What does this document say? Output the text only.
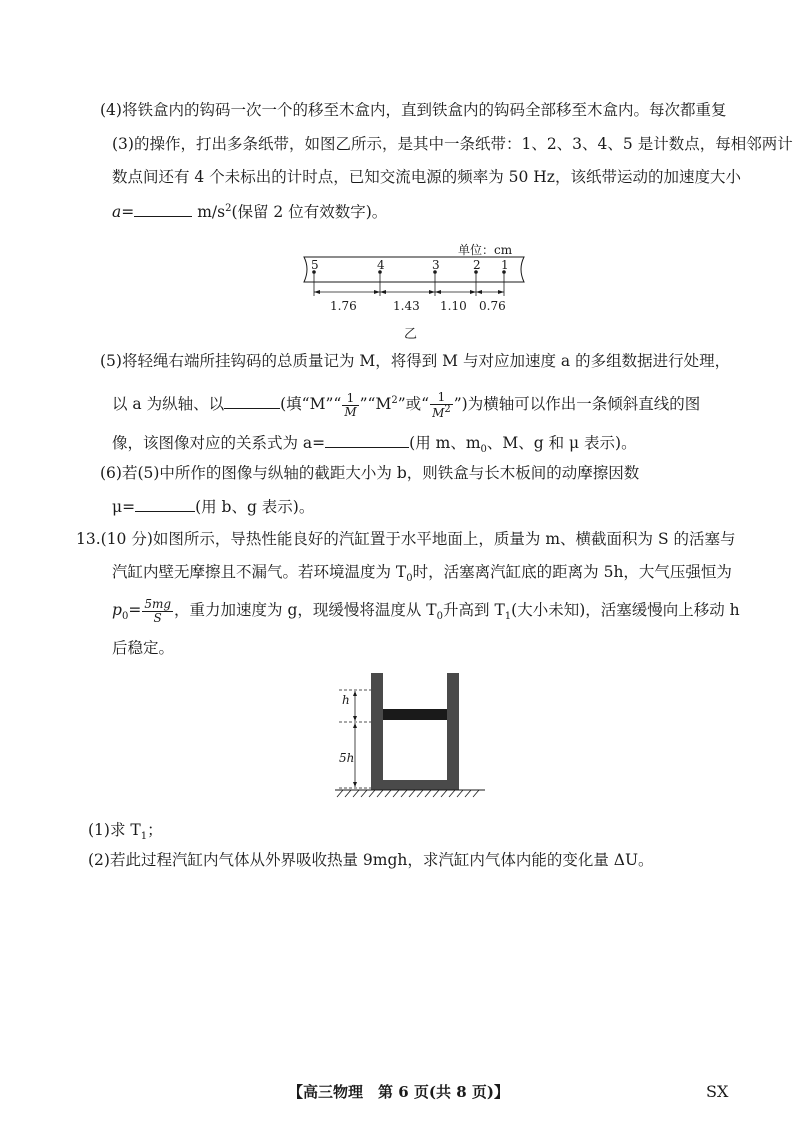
(4)将铁盒内的钩码一次一个的移至木盒内，直到铁盒内的钩码全部移至木盒内。每次都重复
(3)的操作，打出多条纸带，如图乙所示，是其中一条纸带：1、2、3、4、5 是计数点，每相邻两计
数点间还有 4 个未标出的计时点，已知交流电源的频率为 50 Hz，该纸带运动的加速度大小
a=	$m/s^2$(保留 2 位有效数字)。
单位：cm
5	4	3	2 1
1.76	1.43 1.10 0.76
乙
(5)将轻绳右端所挂钩码的总质量记为 M，将得到 M 与对应加速度 a 的多组数据进行处理，
以 a 为纵轴、以	(填“M”“ $\frac{1}{M}$ $”“M^2$”或“ $\frac{1}{M^2}$ ”)为横轴可以作出一条倾斜直线的图
像，该图像对应的关系式为 a=	(用 m、$m_0$、M、g 和 μ 表示)。
(6)若(5)中所作的图像与纵轴的截距大小为 b，则铁盒与长木板间的动摩擦因数
μ=	(用 b、g 表示)。
13.(10 分)如图所示，导热性能良好的汽缸置于水平地面上，质量为 m、横截面积为 S 的活塞与
汽缸内壁无摩擦且不漏气。若环境温度为 $T_0$时，活塞离汽缸底的距离为 5h，大气压强恒为
$p_0= \frac{5mg}{S}$ ，重力加速度为 g，现缓慢将温度从 $T_0$升高到 $T_1$(大小未知)，活塞缓慢向上移动 h
后稳定。
h
5h
(1)求 $T_1$；
(2)若此过程汽缸内气体从外界吸收热量 9mgh，求汽缸内气体内能的变化量 ΔU。
【高三物理　第 6 页(共 8 页)】	SX
